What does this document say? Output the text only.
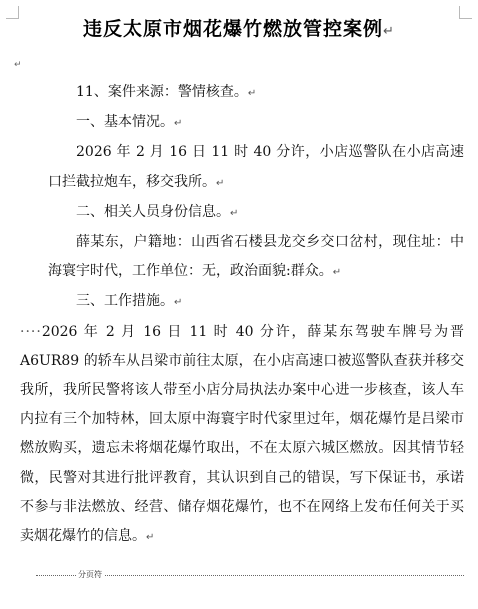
违反太原市烟花爆竹燃放管控案例↵
↵

11、案件来源：警情核查。↵

一、基本情况。↵

2026 年 2 月 16 日 11 时 40 分许，小店巡警队在小店高速口拦截拉炮车，移交我所。↵

二、相关人员身份信息。↵

薛某东，户籍地：山西省石楼县龙交乡交口岔村，现住址：中海寰宇时代，工作单位：无，政治面貌:群众。↵

三、工作措施。↵

····2026 年 2 月 16 日 11 时 40 分许，薛某东驾驶车牌号为晋 A6UR89 的轿车从吕梁市前往太原，在小店高速口被巡警队查获并移交我所，我所民警将该人带至小店分局执法办案中心进一步核查，该人车内拉有三个加特林，回太原中海寰宇时代家里过年，烟花爆竹是吕梁市燃放购买，遗忘未将烟花爆竹取出，不在太原六城区燃放。因其情节轻微，民警对其进行批评教育，其认识到自己的错误，写下保证书，承诺不参与非法燃放、经营、储存烟花爆竹，也不在网络上发布任何关于买卖烟花爆竹的信息。↵

分页符
